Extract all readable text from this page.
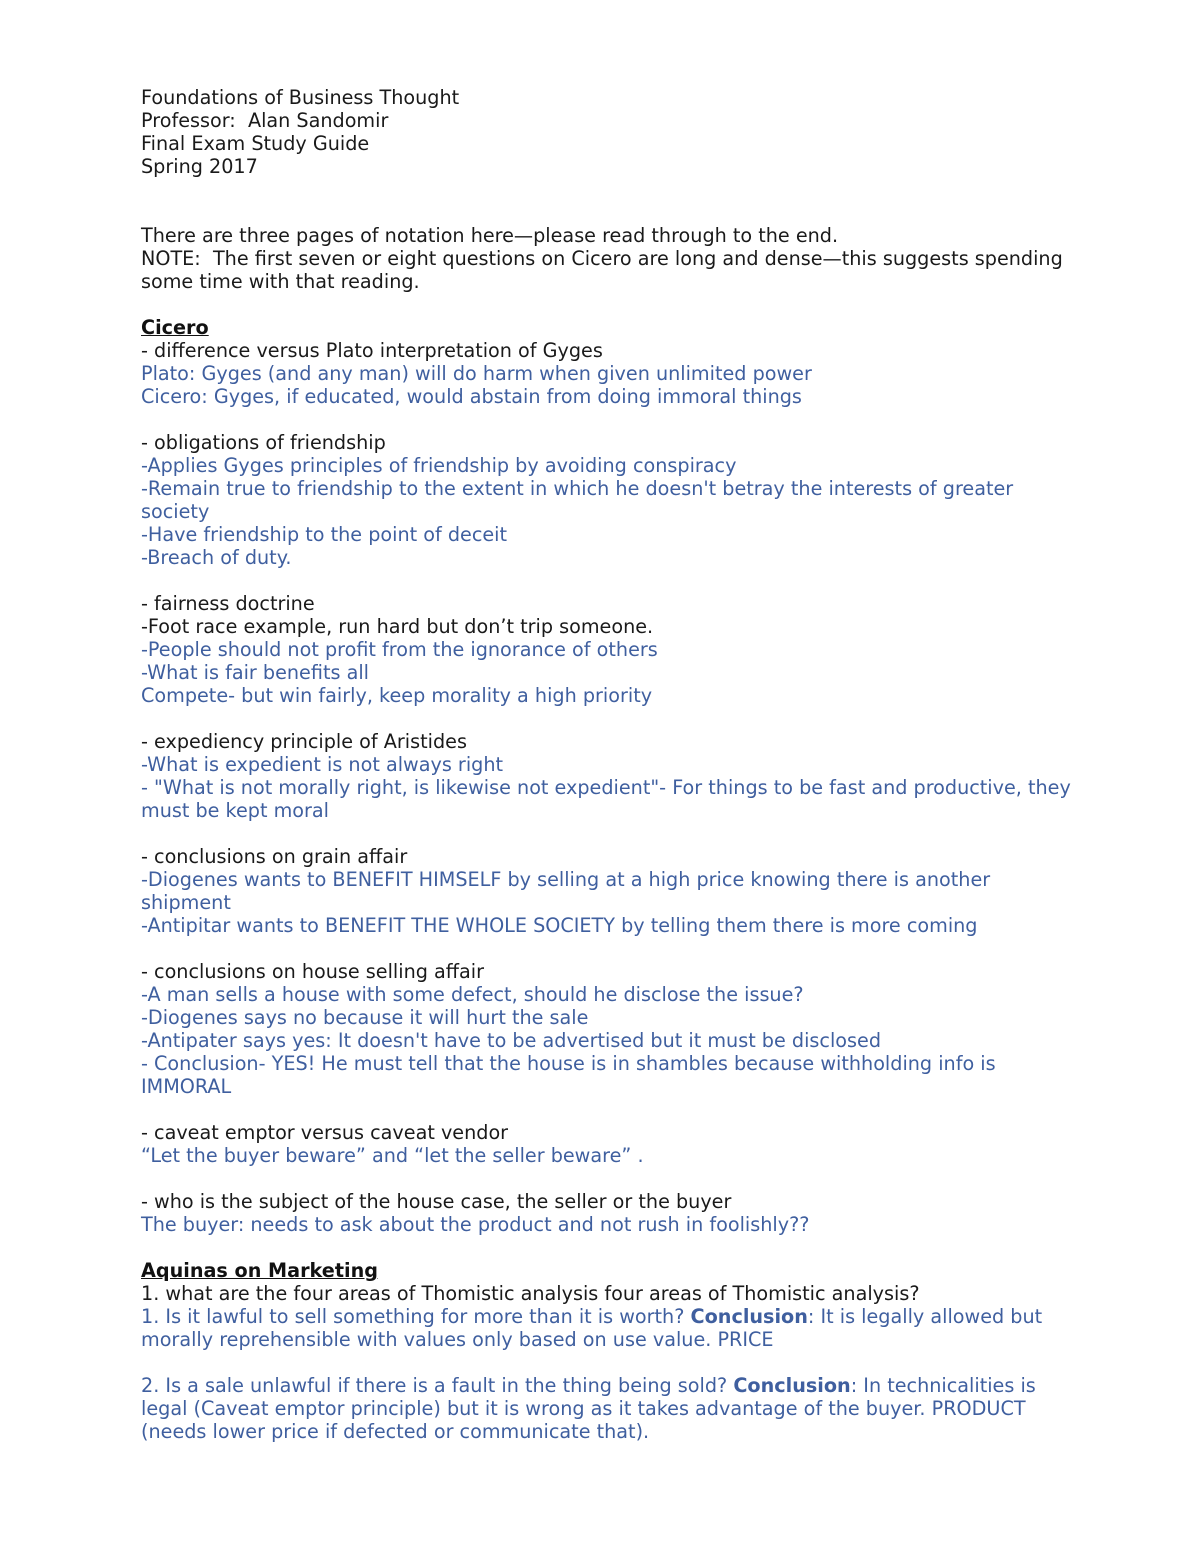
Foundations of Business Thought
Professor:  Alan Sandomir
Final Exam Study Guide
Spring 2017
There are three pages of notation here—please read through to the end.
NOTE:  The first seven or eight questions on Cicero are long and dense—this suggests spending some time with that reading.
Cicero
- difference versus Plato interpretation of Gyges
Plato: Gyges (and any man) will do harm when given unlimited power
Cicero: Gyges, if educated, would abstain from doing immoral things
- obligations of friendship
-Applies Gyges principles of friendship by avoiding conspiracy
-Remain true to friendship to the extent in which he doesn't betray the interests of greater society
-Have friendship to the point of deceit
-Breach of duty.
- fairness doctrine
-Foot race example, run hard but don’t trip someone.
-People should not profit from the ignorance of others
-What is fair benefits all
Compete- but win fairly, keep morality a high priority
- expediency principle of Aristides
-What is expedient is not always right
- "What is not morally right, is likewise not expedient"- For things to be fast and productive, they must be kept moral
- conclusions on grain affair
-Diogenes wants to BENEFIT HIMSELF by selling at a high price knowing there is another shipment
-Antipitar wants to BENEFIT THE WHOLE SOCIETY by telling them there is more coming
- conclusions on house selling affair
-A man sells a house with some defect, should he disclose the issue?
-Diogenes says no because it will hurt the sale
-Antipater says yes: It doesn't have to be advertised but it must be disclosed
- Conclusion- YES! He must tell that the house is in shambles because withholding info is IMMORAL
- caveat emptor versus caveat vendor
“Let the buyer beware” and “let the seller beware” .
- who is the subject of the house case, the seller or the buyer
The buyer: needs to ask about the product and not rush in foolishly??
Aquinas on Marketing
1. what are the four areas of Thomistic analysis four areas of Thomistic analysis?
1. Is it lawful to sell something for more than it is worth? Conclusion: It is legally allowed but morally reprehensible with values only based on use value. PRICE
2. Is a sale unlawful if there is a fault in the thing being sold? Conclusion: In technicalities is legal (Caveat emptor principle) but it is wrong as it takes advantage of the buyer. PRODUCT (needs lower price if defected or communicate that).
